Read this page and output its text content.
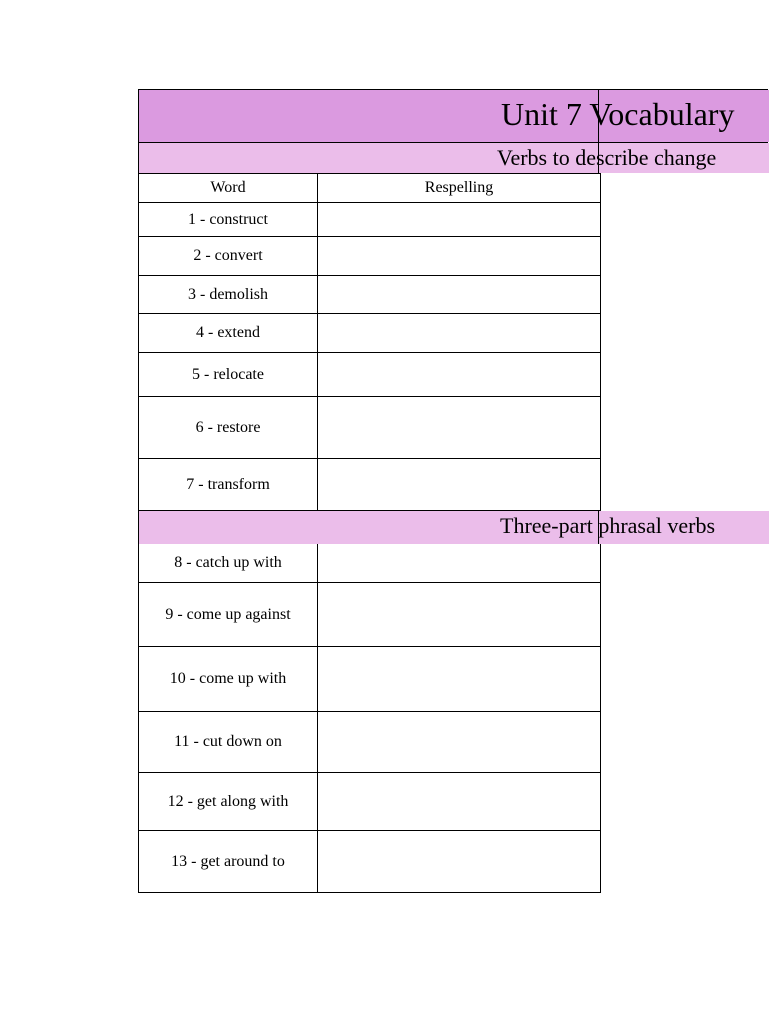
Unit 7 Vocabulary
Verbs to describe change
Word	Respelling
1 - construct	
2 - convert	
3 - demolish	
4 - extend	
5 - relocate	
6 - restore	
7 - transform	
Three-part phrasal verbs
8 - catch up with	
9 - come up against	
10 - come up with	
11 - cut down on	
12 - get along with	
13 - get around to	
